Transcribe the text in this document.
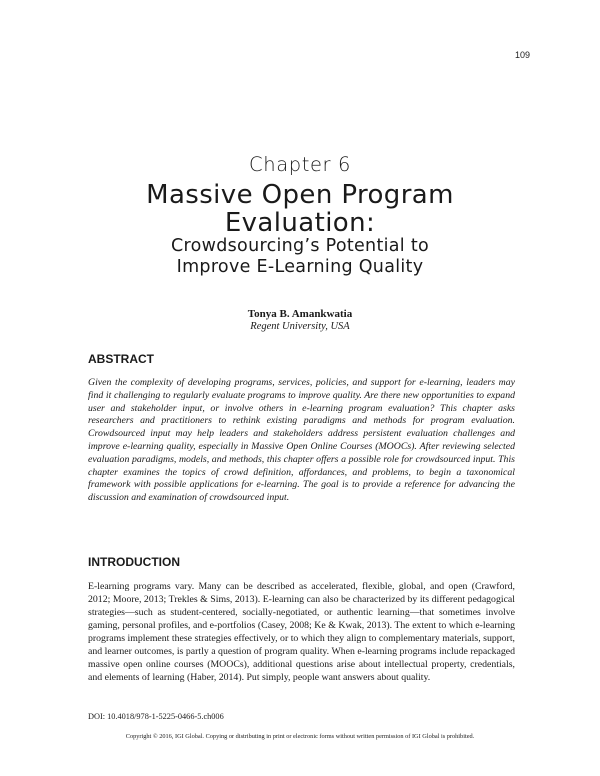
109
Chapter 6
Massive Open Program
Evaluation:
Crowdsourcing’s Potential to
Improve E-Learning Quality
Tonya B. Amankwatia
Regent University, USA
ABSTRACT
Given the complexity of developing programs, services, policies, and support for e-learning, leaders may find it challenging to regularly evaluate programs to improve quality. Are there new opportunities to expand user and stakeholder input, or involve others in e-learning program evaluation? This chapter asks researchers and practitioners to rethink existing paradigms and methods for program evaluation. Crowdsourced input may help leaders and stakeholders address persistent evaluation challenges and improve e-learning quality, especially in Massive Open Online Courses (MOOCs). After reviewing selected evaluation paradigms, models, and methods, this chapter offers a possible role for crowdsourced input. This chapter examines the topics of crowd definition, affordances, and problems, to begin a taxonomical framework with possible applications for e-learning. The goal is to provide a reference for advancing the discussion and examination of crowdsourced input.
INTRODUCTION
E-learning programs vary. Many can be described as accelerated, flexible, global, and open (Crawford, 2012; Moore, 2013; Trekles & Sims, 2013). E-learning can also be characterized by its different pedagogical strategies—such as student-centered, socially-negotiated, or authentic learning—that sometimes involve gaming, personal profiles, and e-portfolios (Casey, 2008; Ke & Kwak, 2013). The extent to which e-learning programs implement these strategies effectively, or to which they align to complementary materials, support, and learner outcomes, is partly a question of program quality. When e-learning programs include repackaged massive open online courses (MOOCs), additional questions arise about intellectual property, credentials, and elements of learning (Haber, 2014). Put simply, people want answers about quality.
DOI: 10.4018/978-1-5225-0466-5.ch006
Copyright © 2016, IGI Global. Copying or distributing in print or electronic forms without written permission of IGI Global is prohibited.
